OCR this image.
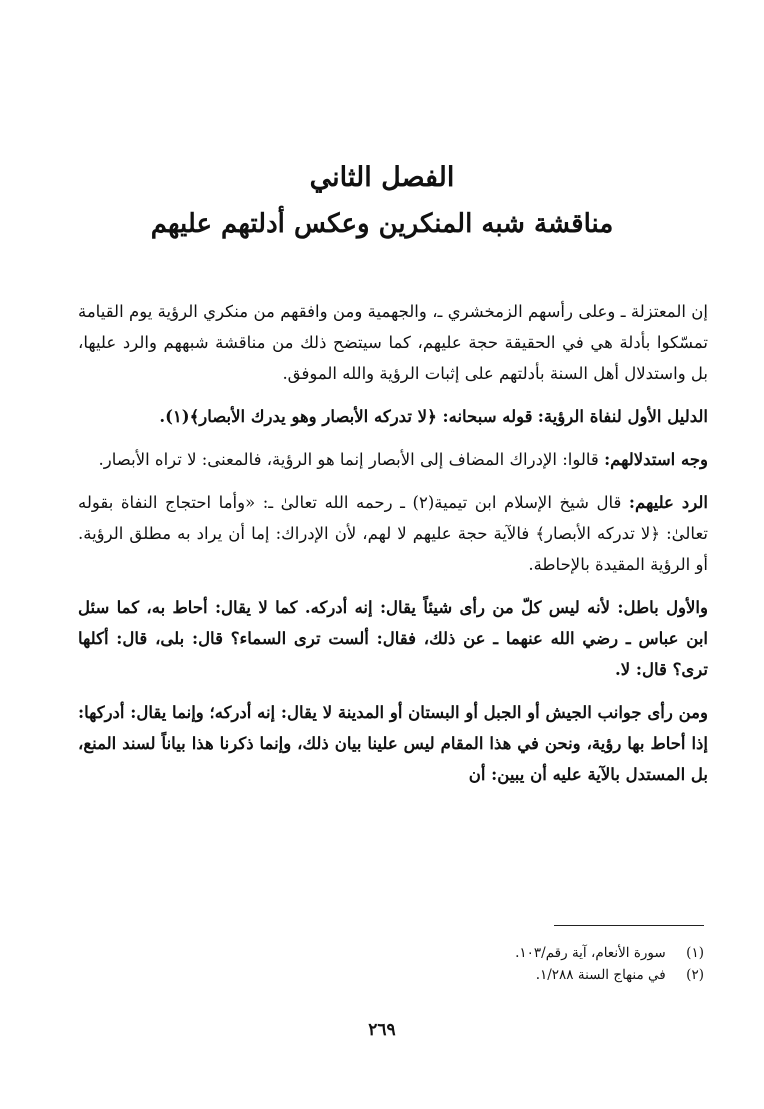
الفصل الثاني
مناقشة شبه المنكرين وعكس أدلتهم عليهم

إن المعتزلة ـ وعلى رأسهم الزمخشري ـ، والجهمية ومن وافقهم من منكري الرؤية يوم القيامة تمسّكوا بأدلة هي في الحقيقة حجة عليهم، كما سيتضح ذلك من مناقشة شبههم والرد عليها، بل واستدلال أهل السنة بأدلتهم على إثبات الرؤية والله الموفق.

الدليل الأول لنفاة الرؤية: قوله سبحانه: ﴿لا تدركه الأبصار وهو يدرك الأبصار﴾(١).

وجه استدلالهم: قالوا: الإدراك المضاف إلى الأبصار إنما هو الرؤية، فالمعنى: لا تراه الأبصار.

الرد عليهم: قال شيخ الإسلام ابن تيمية(٢) ـ رحمه الله تعالىٰ ـ: «وأما احتجاج النفاة بقوله تعالىٰ: ﴿لا تدركه الأبصار﴾ فالآية حجة عليهم لا لهم، لأن الإدراك: إما أن يراد به مطلق الرؤية. أو الرؤية المقيدة بالإحاطة.

والأول باطل: لأنه ليس كلّ من رأى شيئاً يقال: إنه أدركه. كما لا يقال: أحاط به، كما سئل ابن عباس ـ رضي الله عنهما ـ عن ذلك، فقال: ألست ترى السماء؟ قال: بلى، قال: أكلها ترى؟ قال: لا.

ومن رأى جوانب الجيش أو الجبل أو البستان أو المدينة لا يقال: إنه أدركه؛ وإنما يقال: أدركها: إذا أحاط بها رؤية، ونحن في هذا المقام ليس علينا بيان ذلك، وإنما ذكرنا هذا بياناً لسند المنع، بل المستدل بالآية عليه أن يبين: أن

(١) سورة الأنعام، آية رقم/١٠٣.

(٢) في منهاج السنة ١/٢٨٨.

٢٦٩
